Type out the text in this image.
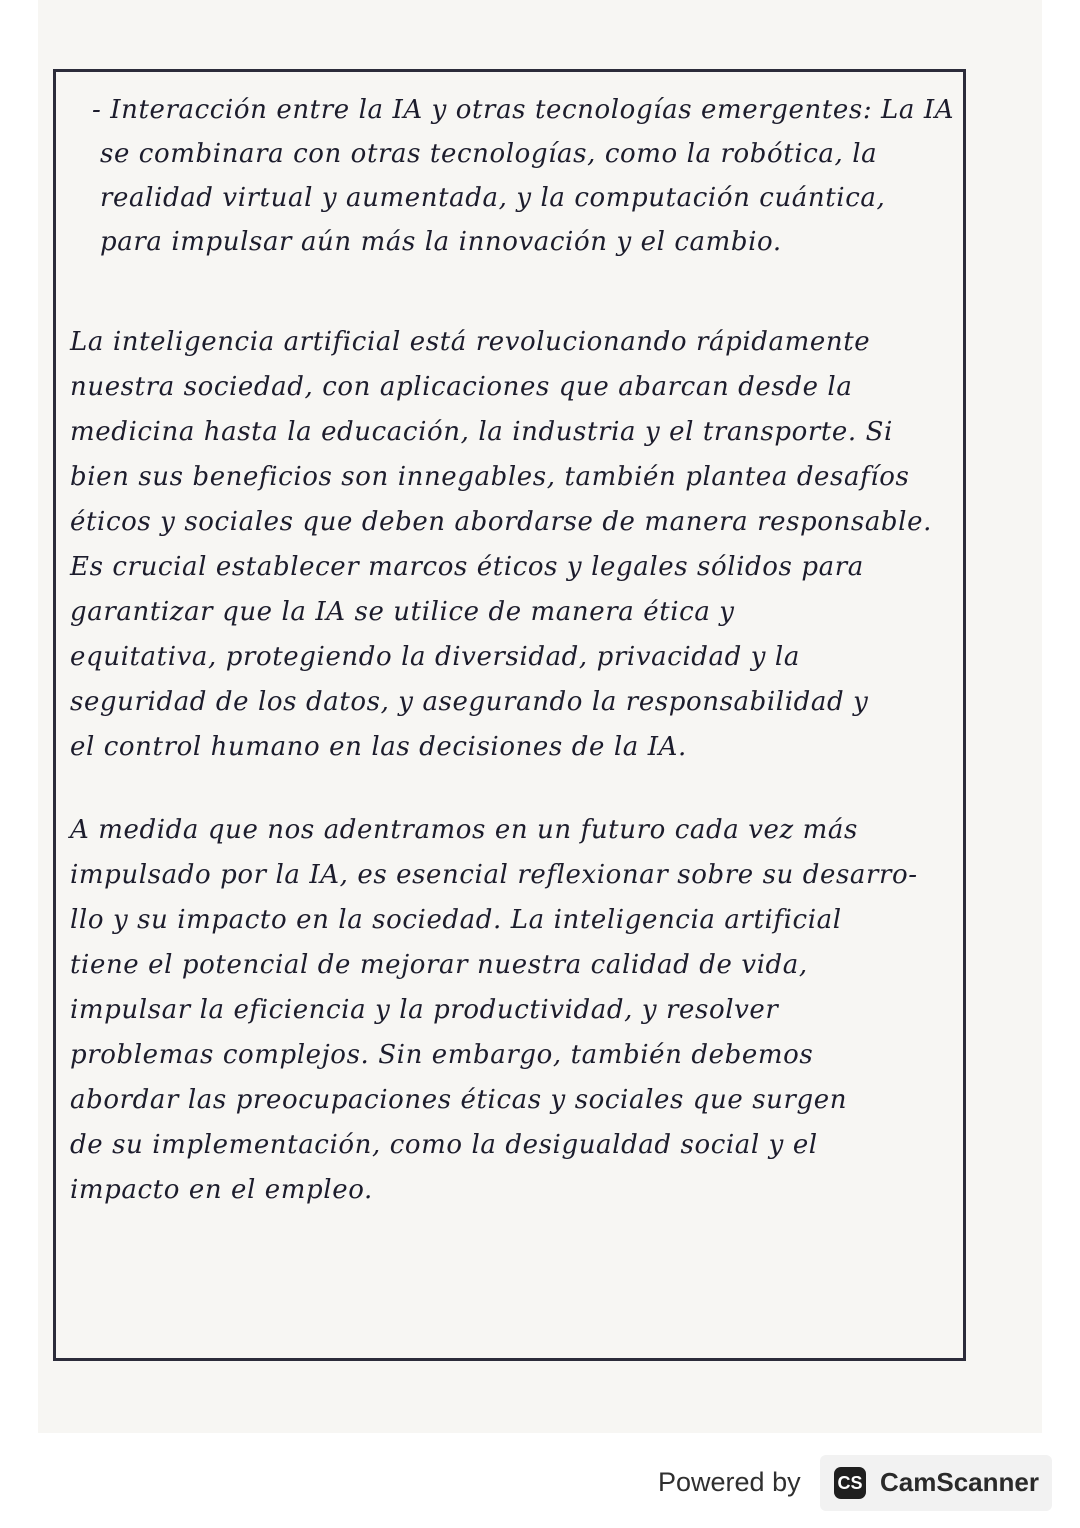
- Interacción entre la IA y otras tecnologías emergentes: La IA
se combinara con otras tecnologías, como la robótica, la
realidad virtual y aumentada, y la computación cuántica,
para impulsar aún más la innovación y el cambio.
La inteligencia artificial está revolucionando rápidamente
nuestra sociedad, con aplicaciones que abarcan desde la
medicina hasta la educación, la industria y el transporte. Si
bien sus beneficios son innegables, también plantea desafíos
éticos y sociales que deben abordarse de manera responsable.
Es crucial establecer marcos éticos y legales sólidos para
garantizar que la IA se utilice de manera ética y
equitativa, protegiendo la diversidad, privacidad y la
seguridad de los datos, y asegurando la responsabilidad y
el control humano en las decisiones de la IA.
A medida que nos adentramos en un futuro cada vez más
impulsado por la IA, es esencial reflexionar sobre su desarro-
llo y su impacto en la sociedad. La inteligencia artificial
tiene el potencial de mejorar nuestra calidad de vida,
impulsar la eficiencia y la productividad, y resolver
problemas complejos. Sin embargo, también debemos
abordar las preocupaciones éticas y sociales que surgen
de su implementación, como la desigualdad social y el
impacto en el empleo.
Powered by CS CamScanner
